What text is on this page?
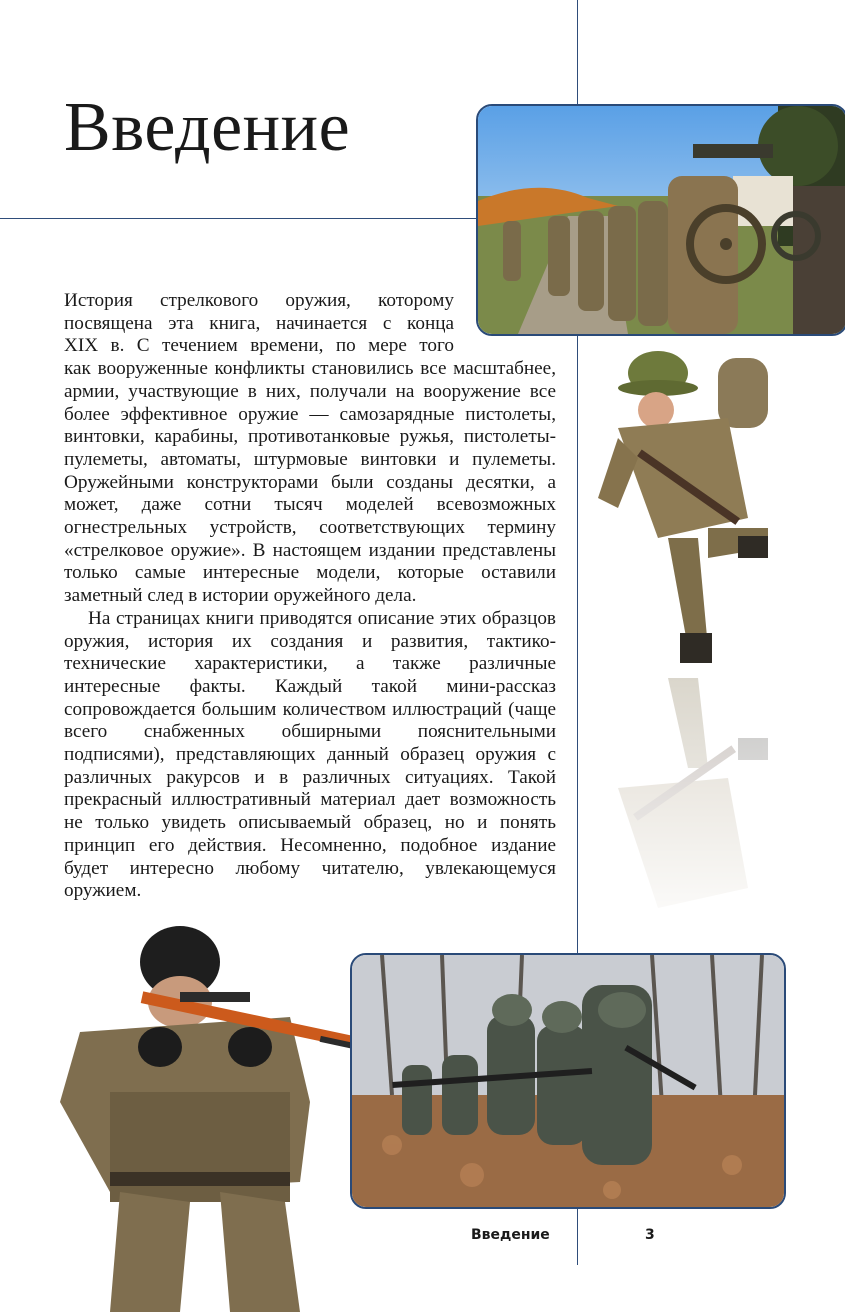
Введение

История стрелкового оружия, которому
посвящена эта книга, начинается с конца
XIX в. С течением времени, по мере того

как вооруженные конфликты становились все масштабнее, армии, участвующие в них, получали на вооружение все более эффективное оружие — самозарядные пистолеты, винтовки, карабины, противотанковые ружья, пистолеты-пулеметы, автоматы, штурмовые винтовки и пулеметы. Оружейными конструкторами были созданы десятки, а может, даже сотни тысяч моделей всевозможных огнестрельных устройств, соответствующих термину «стрелковое оружие». В настоящем издании представлены только самые интересные модели, которые оставили заметный след в истории оружейного дела.

На страницах книги приводятся описание этих образцов оружия, история их создания и развития, тактико-технические характеристики, а также различные интересные факты. Каждый такой мини-рассказ сопровождается большим количеством иллюстраций (чаще всего снабженных обширными пояснительными подписями), представляющих данный образец оружия с различных ракурсов и в различных ситуациях. Такой прекрасный иллюстративный материал дает возможность не только увидеть описываемый образец, но и понять принцип его действия. Несомненно, подобное издание будет интересно любому читателю, увлекающемуся оружием.

Введение	3
